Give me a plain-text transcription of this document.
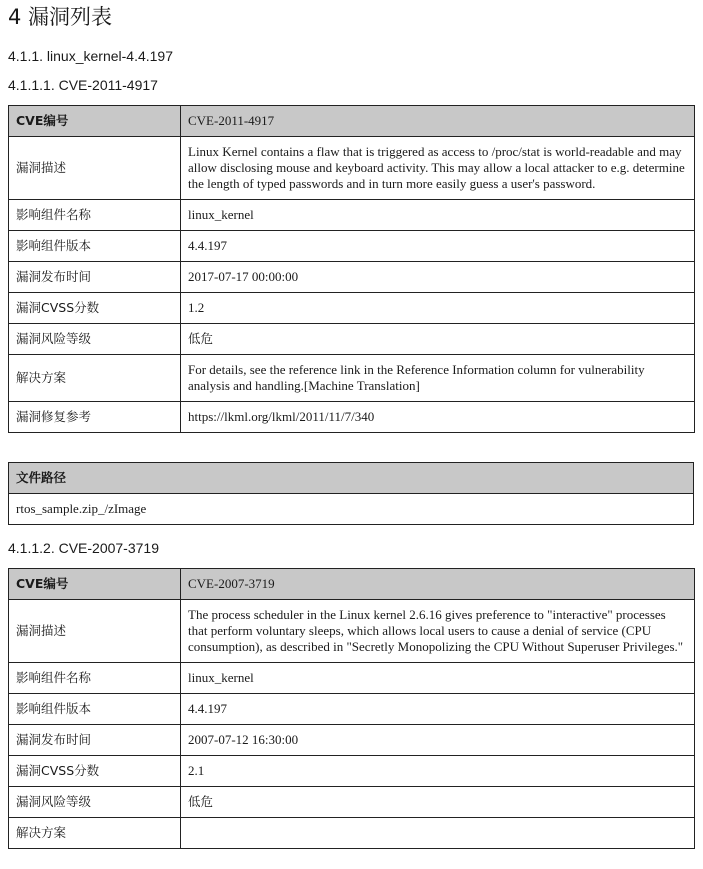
4 漏洞列表
4.1.1. linux_kernel-4.4.197
4.1.1.1. CVE-2011-4917
CVE编号	CVE-2011-4917
漏洞描述	Linux Kernel contains a flaw that is triggered as access to /proc/stat is world-readable and may allow disclosing mouse and keyboard activity. This may allow a local attacker to e.g. determine the length of typed passwords and in turn more easily guess a user's password.
影响组件名称	linux_kernel
影响组件版本	4.4.197
漏洞发布时间	2017-07-17 00:00:00
漏洞CVSS分数	1.2
漏洞风险等级	低危
解决方案	For details, see the reference link in the Reference Information column for vulnerability analysis and handling.[Machine Translation]
漏洞修复参考	https://lkml.org/lkml/2011/11/7/340
文件路径
rtos_sample.zip_/zImage
4.1.1.2. CVE-2007-3719
CVE编号	CVE-2007-3719
漏洞描述	The process scheduler in the Linux kernel 2.6.16 gives preference to "interactive" processes that perform voluntary sleeps, which allows local users to cause a denial of service (CPU consumption), as described in "Secretly Monopolizing the CPU Without Superuser Privileges."
影响组件名称	linux_kernel
影响组件版本	4.4.197
漏洞发布时间	2007-07-12 16:30:00
漏洞CVSS分数	2.1
漏洞风险等级	低危
解决方案	
